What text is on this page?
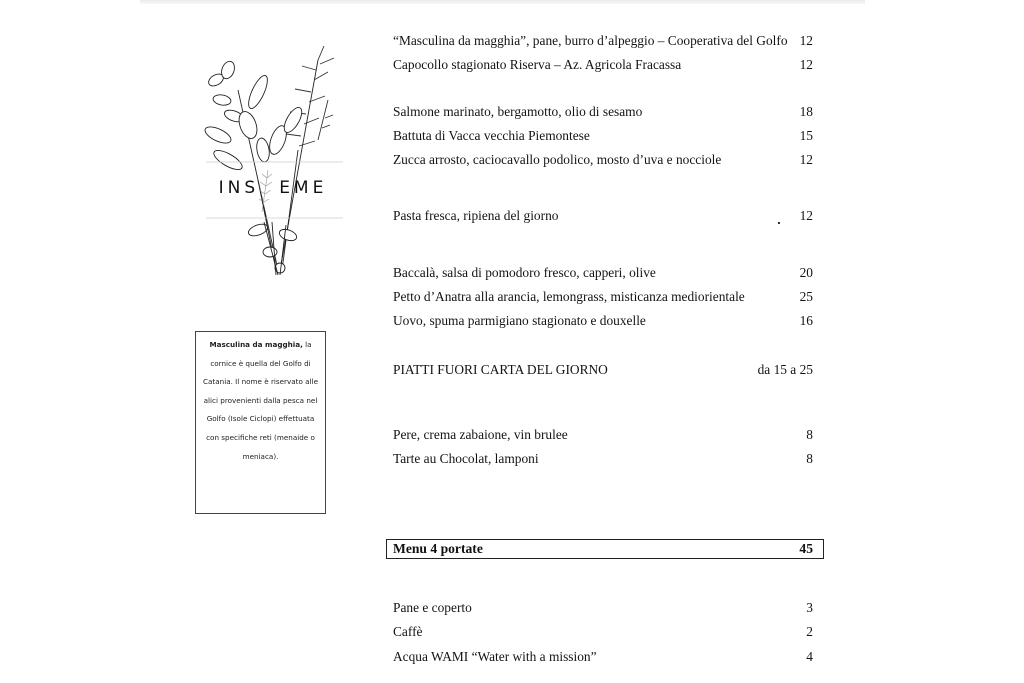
INS EME
Masculina da magghia, la cornice è quella del Golfo di Catania. Il nome è riservato alle alici provenienti dalla pesca nel Golfo (Isole Ciclopi) effettuata con specifiche reti (menaide o meniaca).
“Masculina da magghia”, pane, burro d’alpeggio – Cooperativa del Golfo 12
Capocollo stagionato Riserva – Az. Agricola Fracassa	12
Salmone marinato, bergamotto, olio di sesamo	18
Battuta di Vacca vecchia Piemontese	15
Zucca arrosto, caciocavallo podolico, mosto d’uva e nocciole	12
Pasta fresca, ripiena del giorno	12
Baccalà, salsa di pomodoro fresco, capperi, olive	20
Petto d’Anatra alla arancia, lemongrass, misticanza mediorientale	25
Uovo, spuma parmigiano stagionato e douxelle	16
PIATTI FUORI CARTA DEL GIORNO	da 15 a 25
Pere, crema zabaione, vin brulee	8
Tarte au Chocolat, lamponi	8
Menu 4 portate	45
Pane e coperto	3
Caffè	2
Acqua WAMI “Water with a mission”	4
